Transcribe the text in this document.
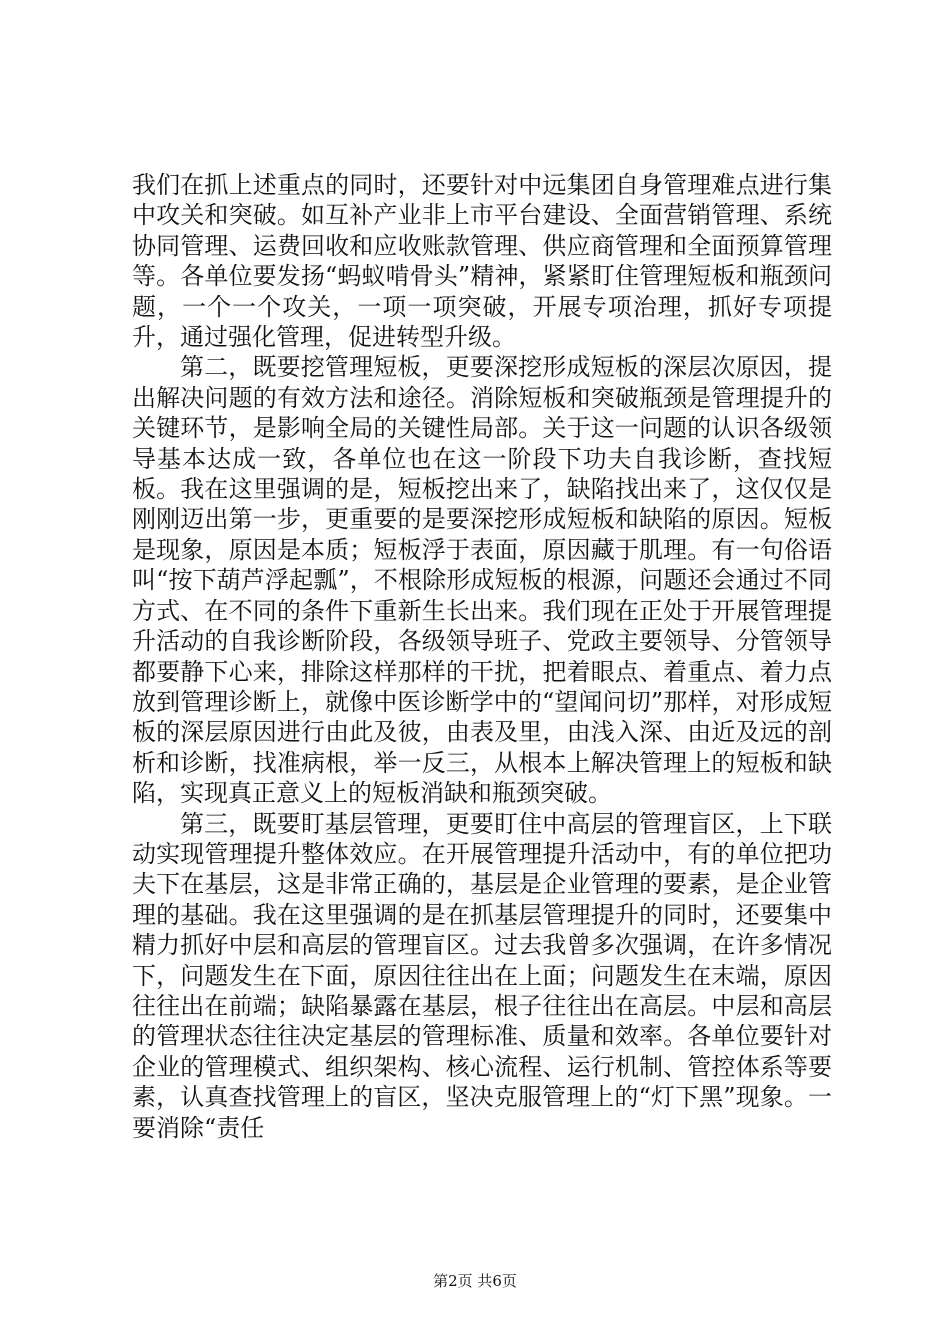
我们在抓上述重点的同时，还要针对中远集团自身管理难点进行集中攻关和突破。如互补产业非上市平台建设、全面营销管理、系统协同管理、运费回收和应收账款管理、供应商管理和全面预算管理等。各单位要发扬“蚂蚁啃骨头”精神，紧紧盯住管理短板和瓶颈问题，一个一个攻关，一项一项突破，开展专项治理，抓好专项提升，通过强化管理，促进转型升级。

第二，既要挖管理短板，更要深挖形成短板的深层次原因，提出解决问题的有效方法和途径。消除短板和突破瓶颈是管理提升的关键环节，是影响全局的关键性局部。关于这一问题的认识各级领导基本达成一致，各单位也在这一阶段下功夫自我诊断，查找短板。我在这里强调的是，短板挖出来了，缺陷找出来了，这仅仅是刚刚迈出第一步，更重要的是要深挖形成短板和缺陷的原因。短板是现象，原因是本质；短板浮于表面，原因藏于肌理。有一句俗语叫“按下葫芦浮起瓢”，不根除形成短板的根源，问题还会通过不同方式、在不同的条件下重新生长出来。我们现在正处于开展管理提升活动的自我诊断阶段，各级领导班子、党政主要领导、分管领导都要静下心来，排除这样那样的干扰，把着眼点、着重点、着力点放到管理诊断上，就像中医诊断学中的“望闻问切”那样，对形成短板的深层原因进行由此及彼，由表及里，由浅入深、由近及远的剖析和诊断，找准病根，举一反三，从根本上解决管理上的短板和缺陷，实现真正意义上的短板消缺和瓶颈突破。

第三，既要盯基层管理，更要盯住中高层的管理盲区，上下联动实现管理提升整体效应。在开展管理提升活动中，有的单位把功夫下在基层，这是非常正确的，基层是企业管理的要素，是企业管理的基础。我在这里强调的是在抓基层管理提升的同时，还要集中精力抓好中层和高层的管理盲区。过去我曾多次强调，在许多情况下，问题发生在下面，原因往往出在上面；问题发生在末端，原因往往出在前端；缺陷暴露在基层，根子往往出在高层。中层和高层的管理状态往往决定基层的管理标准、质量和效率。各单位要针对企业的管理模式、组织架构、核心流程、运行机制、管控体系等要素，认真查找管理上的盲区，坚决克服管理上的“灯下黑”现象。一要消除“责任

第2页 共6页
